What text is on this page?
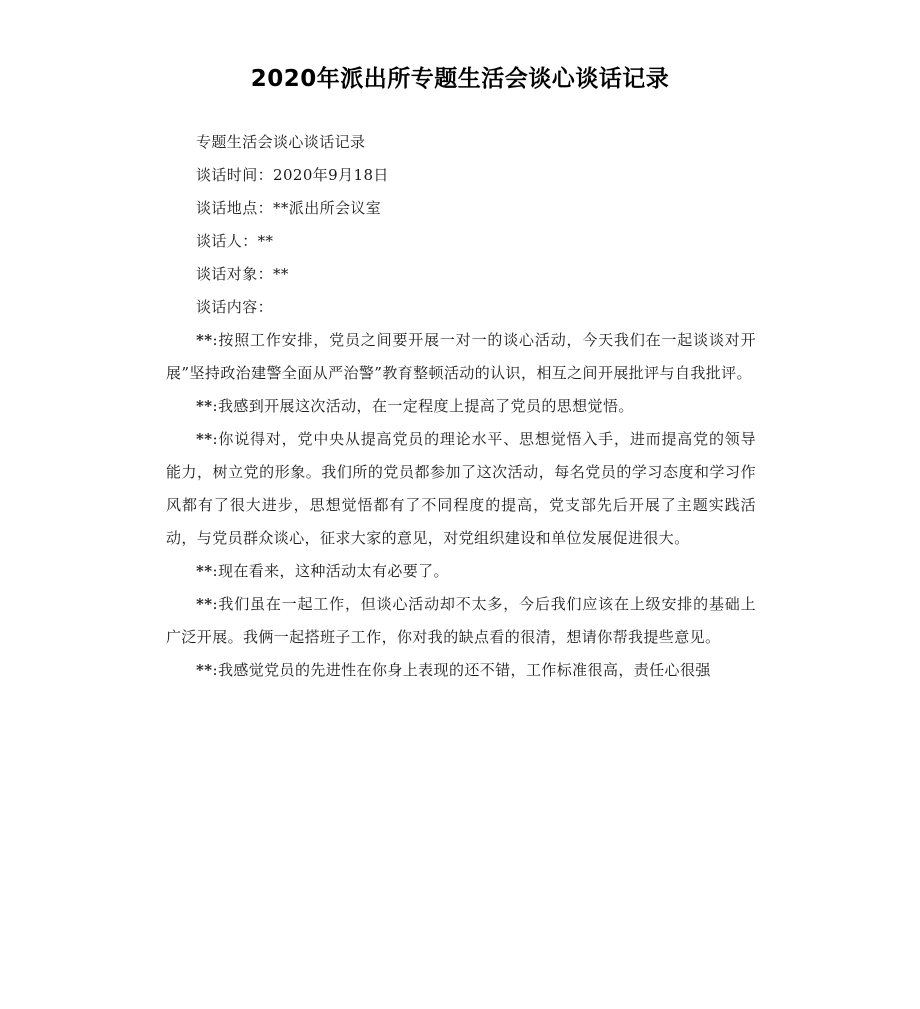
2020年派出所专题生活会谈心谈话记录

专题生活会谈心谈话记录

谈话时间：2020年9月18日

谈话地点：**派出所会议室

谈话人：**

谈话对象：**

谈话内容：

**:按照工作安排，党员之间要开展一对一的谈心活动，今天我们在一起谈谈对开展”坚持政治建警全面从严治警”教育整顿活动的认识，相互之间开展批评与自我批评。

**:我感到开展这次活动，在一定程度上提高了党员的思想觉悟。

**:你说得对，党中央从提高党员的理论水平、思想觉悟入手，进而提高党的领导能力，树立党的形象。我们所的党员都参加了这次活动，每名党员的学习态度和学习作风都有了很大进步，思想觉悟都有了不同程度的提高，党支部先后开展了主题实践活动，与党员群众谈心，征求大家的意见，对党组织建设和单位发展促进很大。

**:现在看来，这种活动太有必要了。

**:我们虽在一起工作，但谈心活动却不太多，今后我们应该在上级安排的基础上广泛开展。我俩一起搭班子工作，你对我的缺点看的很清，想请你帮我提些意见。

**:我感觉党员的先进性在你身上表现的还不错，工作标准很高，责任心很强
